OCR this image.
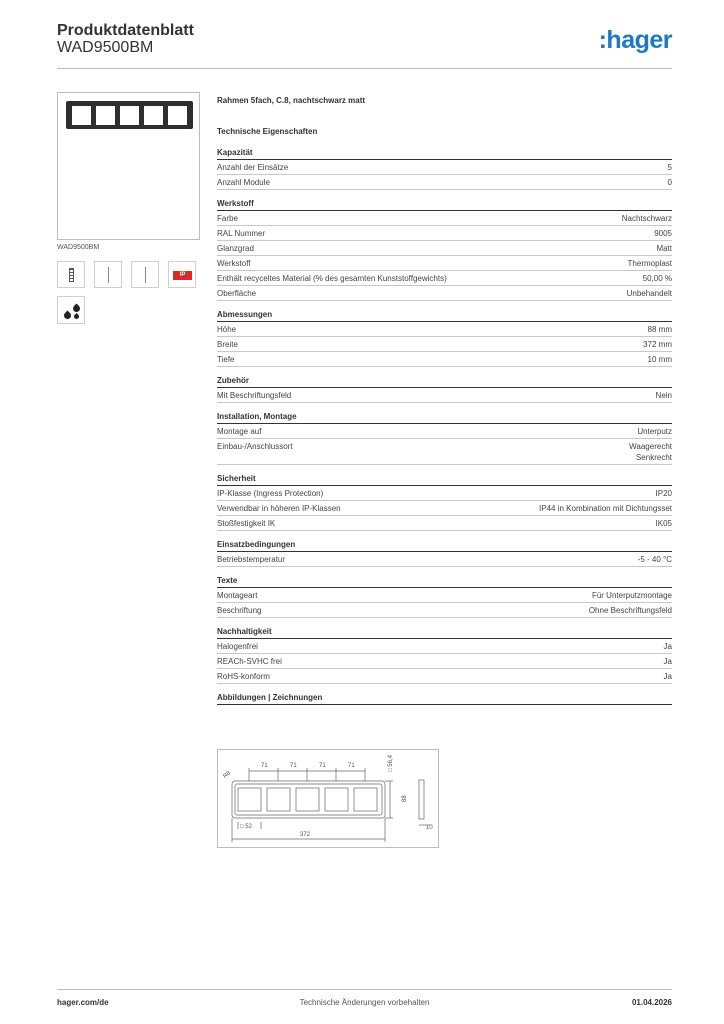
Produktdatenblatt
WAD9500BM	:hager
WAD9500BM
IP
Rahmen 5fach, C.8, nachtschwarz matt
Technische Eigenschaften
Kapazität
Anzahl der Einsätze	5
Anzahl Module	0
Werkstoff
Farbe	Nachtschwarz
RAL Nummer	9005
Glanzgrad	Matt
Werkstoff	Thermoplast
Enthält recyceltes Material (% des gesamten Kunststoffgewichts)	50,00 %
Oberfläche	Unbehandelt
Abmessungen
Höhe	88 mm
Breite	372 mm
Tiefe	10 mm
Zubehör
Mit Beschriftungsfeld	Nein
Installation, Montage
Montage auf	Unterputz
Einbau-/Anschlussort	Waagerecht
Senkrecht
Sicherheit
IP-Klasse (Ingress Protection)	IP20
Verwendbar in höheren IP-Klassen	IP44 in Kombination mit Dichtungsset
Stoßfestigkeit IK	IK05
Einsatzbedingungen
Betriebstemperatur	-5 - 40 °C
Texte
Montageart	Für Unterputzmontage
Beschriftung	Ohne Beschriftungsfeld
Nachhaltigkeit
Halogenfrei	Ja
REACh-SVHC frei	Ja
RoHS-konform	Ja
Abbildungen | Zeichnungen
71	71	71	71
R8
□ 52
88
□ 56,4
372
10
hager.com/de	Technische Änderungen vorbehalten	01.04.2026
